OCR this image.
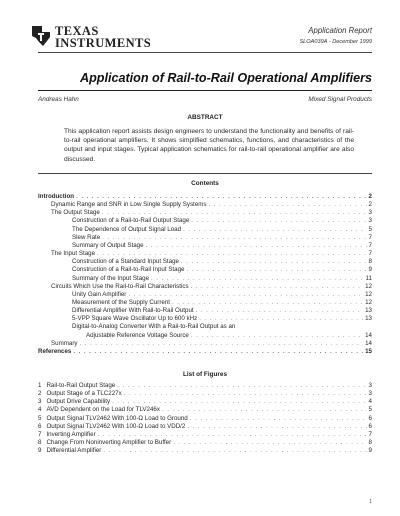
TEXAS
INSTRUMENTS
Application Report
SLOA039A - December 1999
Application of Rail-to-Rail Operational Amplifiers
Andreas Hahn	Mixed Signal Products
ABSTRACT
This application report assists design engineers to understand the functionality and benefits of rail-to-rail operational amplifiers. It shows simplified schematics, functions, and characteristics of the output and input stages. Typical application schematics for rail-to-rail operational amplifier are also discussed.
Contents
Introduction . . .	2
Dynamic Range and SNR in Low Single Supply Systems . . .	2
The Output Stage . . .	3
Construction of a Rail-to-Rail Output Stage . . .	3
The Dependence of Output Signal Load . . .	5
Slew Rate . . .	7
Summary of Output Stage . . .	7
The Input Stage . . .	7
Construction of a Standard Input Stage . . .	8
Construction of a Rail-to-Rail Input Stage . . .	9
Summary of the Input Stage . . .	11
Circuits Which Use the Rail-to-Rail Characteristics . . .	12
Unity Gain Amplifier . . .	12
Measurement of the Supply Current . . .	12
Differential Amplifier With Rail-to-Rail Output . . .	13
5-VPP Square Wave Oscillator Up to 600 kHz . . .	13
Digital-to-Analog Converter With a Rail-to-Rail Output as an
Adjustable Reference Voltage Source . . .	14
Summary . . .	14
References . . .	15
List of Figures
1 Rail-to-Rail Output Stage . . .	3
2 Output Stage of a TLC227x . . .	3
3 Output Drive Capability . . .	4
4 AVD Dependent on the Load for TLV246x . . .	5
5 Output Signal TLV2462 With 100-Ω Load to Ground . . .	6
6 Output Signal TLV2462 With 100-Ω Load to VDD/2 . . .	6
7 Inverting Amplifier . . .	7
8 Change From Noninverting Amplifier to Buffer . . .	8
9 Differential Amplifier . . .	9
1
